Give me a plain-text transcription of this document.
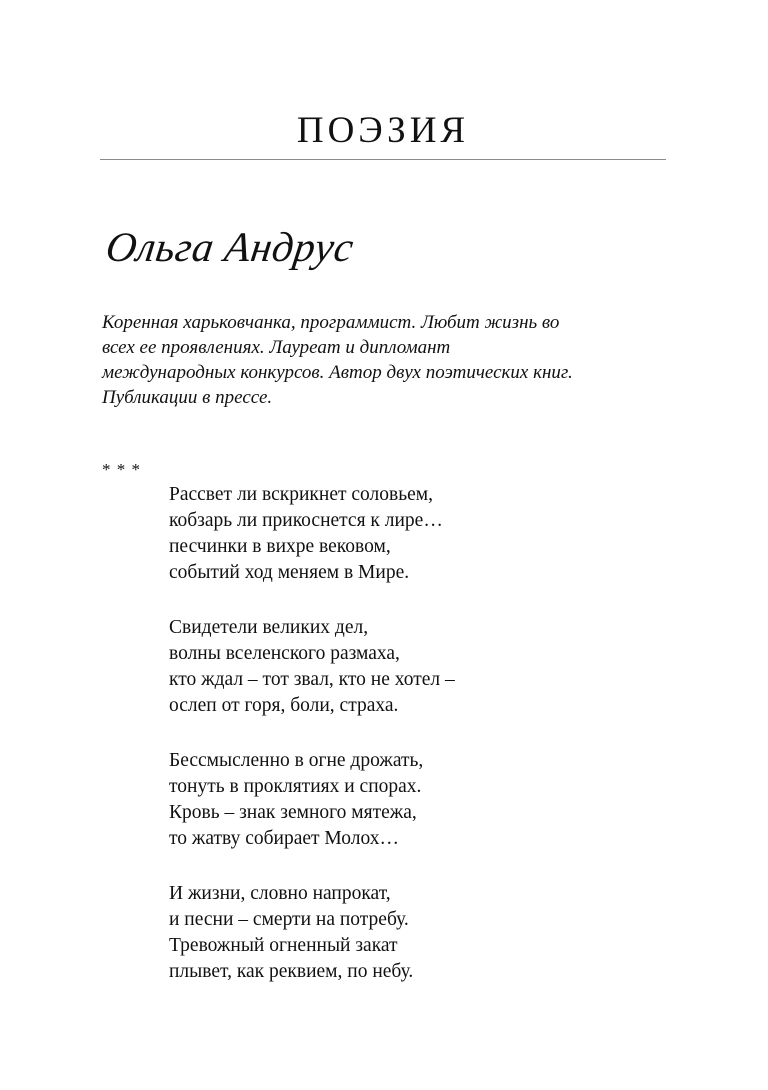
ПОЭЗИЯ
Ольга Андрус

Коренная харьковчанка, программист. Любит жизнь во
всех ее проявлениях. Лауреат и дипломант
международных конкурсов. Автор двух поэтических книг.
Публикации в прессе.

* * *
Рассвет ли вскрикнет соловьем,
кобзарь ли прикоснется к лире…
песчинки в вихре вековом,
событий ход меняем в Мире.
Свидетели великих дел,
волны вселенского размаха,
кто ждал – тот звал, кто не хотел –
ослеп от горя, боли, страха.
Бессмысленно в огне дрожать,
тонуть в проклятиях и спорах.
Кровь – знак земного мятежа,
то жатву собирает Молох…
И жизни, словно напрокат,
и песни – смерти на потребу.
Тревожный огненный закат
плывет, как реквием, по небу.
